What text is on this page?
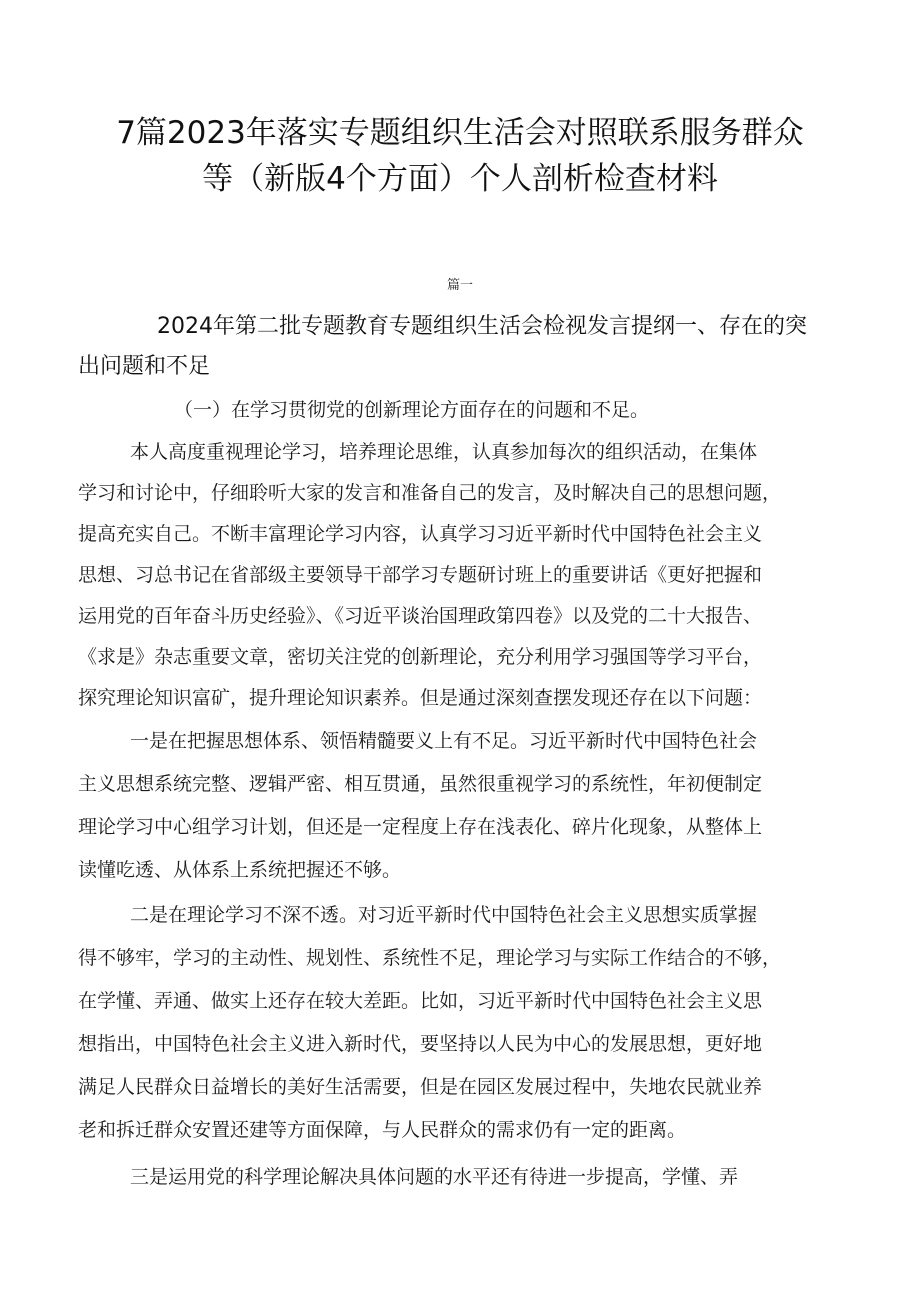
7篇2023年落实专题组织生活会对照联系服务群众
等（新版4个方面）个人剖析检查材料
篇一
2024年第二批专题教育专题组织生活会检视发言提纲一、存在的突
出问题和不足
（一）在学习贯彻党的创新理论方面存在的问题和不足。
本人高度重视理论学习，培养理论思维，认真参加每次的组织活动，在集体
学习和讨论中，仔细聆听大家的发言和准备自己的发言，及时解决自己的思想问题，
提高充实自己。不断丰富理论学习内容，认真学习习近平新时代中国特色社会主义
思想、习总书记在省部级主要领导干部学习专题研讨班上的重要讲话《更好把握和
运用党的百年奋斗历史经验》、《习近平谈治国理政第四卷》以及党的二十大报告、
《求是》杂志重要文章，密切关注党的创新理论，充分利用学习强国等学习平台，
探究理论知识富矿，提升理论知识素养。但是通过深刻查摆发现还存在以下问题：
一是在把握思想体系、领悟精髓要义上有不足。习近平新时代中国特色社会
主义思想系统完整、逻辑严密、相互贯通，虽然很重视学习的系统性，年初便制定
理论学习中心组学习计划，但还是一定程度上存在浅表化、碎片化现象，从整体上
读懂吃透、从体系上系统把握还不够。
二是在理论学习不深不透。对习近平新时代中国特色社会主义思想实质掌握
得不够牢，学习的主动性、规划性、系统性不足，理论学习与实际工作结合的不够，
在学懂、弄通、做实上还存在较大差距。比如，习近平新时代中国特色社会主义思
想指出，中国特色社会主义进入新时代，要坚持以人民为中心的发展思想，更好地
满足人民群众日益增长的美好生活需要，但是在园区发展过程中，失地农民就业养
老和拆迁群众安置还建等方面保障，与人民群众的需求仍有一定的距离。
三是运用党的科学理论解决具体问题的水平还有待进一步提高，学懂、弄
